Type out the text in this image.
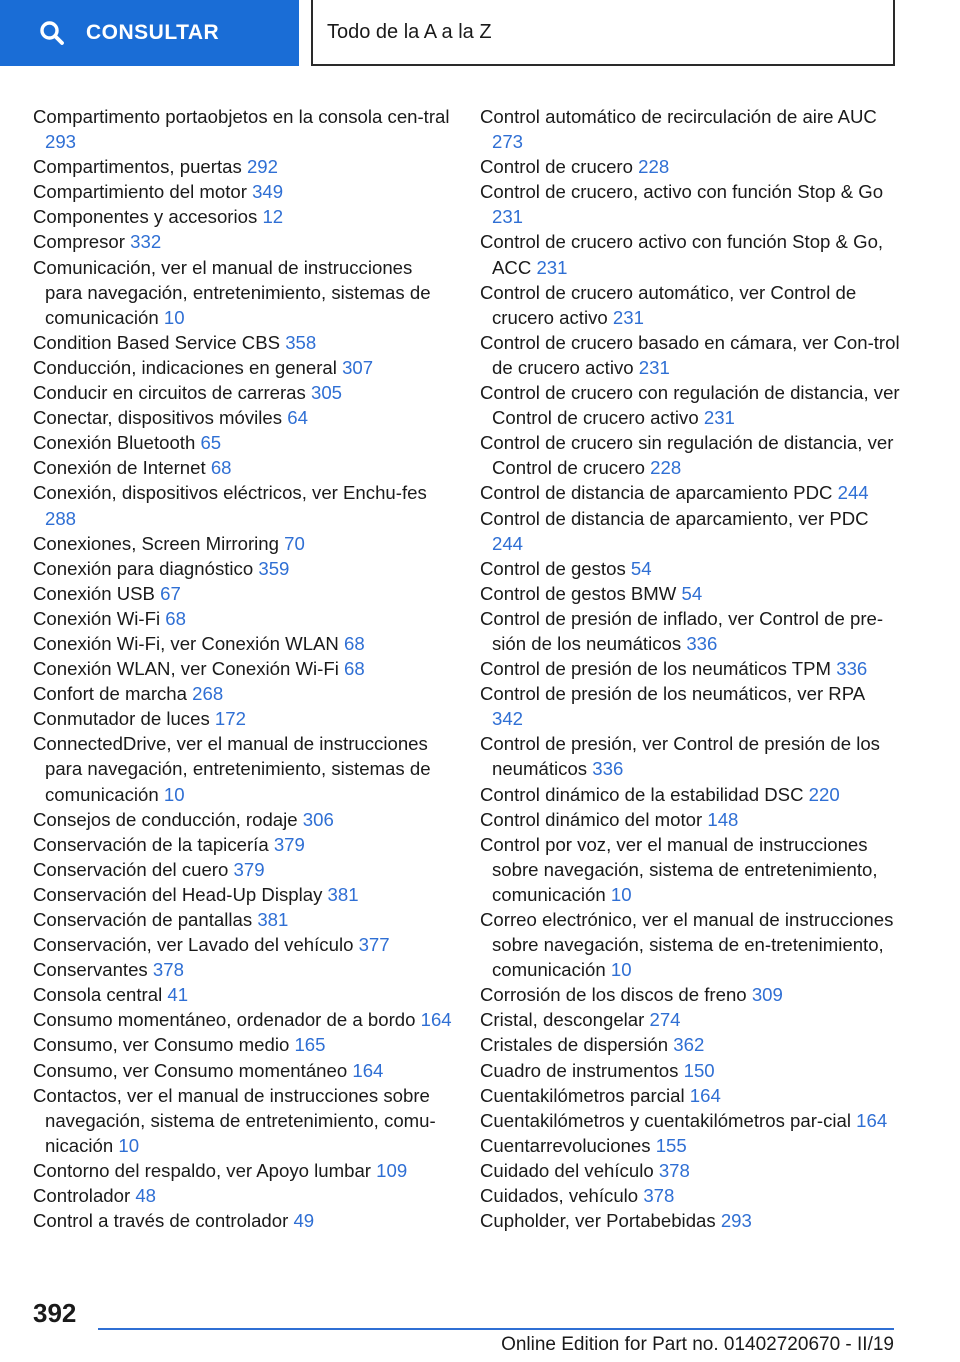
CONSULTAR	Todo de la A a la Z
Compartimento portaobjetos en la consola cen-tral 293
Compartimentos, puertas 292
Compartimiento del motor 349
Componentes y accesorios 12
Compresor 332
Comunicación, ver el manual de instrucciones para navegación, entretenimiento, sistemas de comunicación 10
Condition Based Service CBS 358
Conducción, indicaciones en general 307
Conducir en circuitos de carreras 305
Conectar, dispositivos móviles 64
Conexión Bluetooth 65
Conexión de Internet 68
Conexión, dispositivos eléctricos, ver Enchu-fes 288
Conexiones, Screen Mirroring 70
Conexión para diagnóstico 359
Conexión USB 67
Conexión Wi-Fi 68
Conexión Wi-Fi, ver Conexión WLAN 68
Conexión WLAN, ver Conexión Wi-Fi 68
Confort de marcha 268
Conmutador de luces 172
ConnectedDrive, ver el manual de instrucciones para navegación, entretenimiento, sistemas de comunicación 10
Consejos de conducción, rodaje 306
Conservación de la tapicería 379
Conservación del cuero 379
Conservación del Head-Up Display 381
Conservación de pantallas 381
Conservación, ver Lavado del vehículo 377
Conservantes 378
Consola central 41
Consumo momentáneo, ordenador de a bordo 164
Consumo, ver Consumo medio 165
Consumo, ver Consumo momentáneo 164
Contactos, ver el manual de instrucciones sobre navegación, sistema de entretenimiento, comu-nicación 10
Contorno del respaldo, ver Apoyo lumbar 109
Controlador 48
Control a través de controlador 49
Control automático de recirculación de aire AUC 273
Control de crucero 228
Control de crucero, activo con función Stop & Go 231
Control de crucero activo con función Stop & Go, ACC 231
Control de crucero automático, ver Control de crucero activo 231
Control de crucero basado en cámara, ver Con-trol de crucero activo 231
Control de crucero con regulación de distancia, ver Control de crucero activo 231
Control de crucero sin regulación de distancia, ver Control de crucero 228
Control de distancia de aparcamiento PDC 244
Control de distancia de aparcamiento, ver PDC 244
Control de gestos 54
Control de gestos BMW 54
Control de presión de inflado, ver Control de pre-sión de los neumáticos 336
Control de presión de los neumáticos TPM 336
Control de presión de los neumáticos, ver RPA 342
Control de presión, ver Control de presión de los neumáticos 336
Control dinámico de la estabilidad DSC 220
Control dinámico del motor 148
Control por voz, ver el manual de instrucciones sobre navegación, sistema de entretenimiento, comunicación 10
Correo electrónico, ver el manual de instrucciones sobre navegación, sistema de en-tretenimiento, comunicación 10
Corrosión de los discos de freno 309
Cristal, descongelar 274
Cristales de dispersión 362
Cuadro de instrumentos 150
Cuentakilómetros parcial 164
Cuentakilómetros y cuentakilómetros par-cial 164
Cuentarrevoluciones 155
Cuidado del vehículo 378
Cuidados, vehículo 378
Cupholder, ver Portabebidas 293
392
Online Edition for Part no. 01402720670 - II/19
